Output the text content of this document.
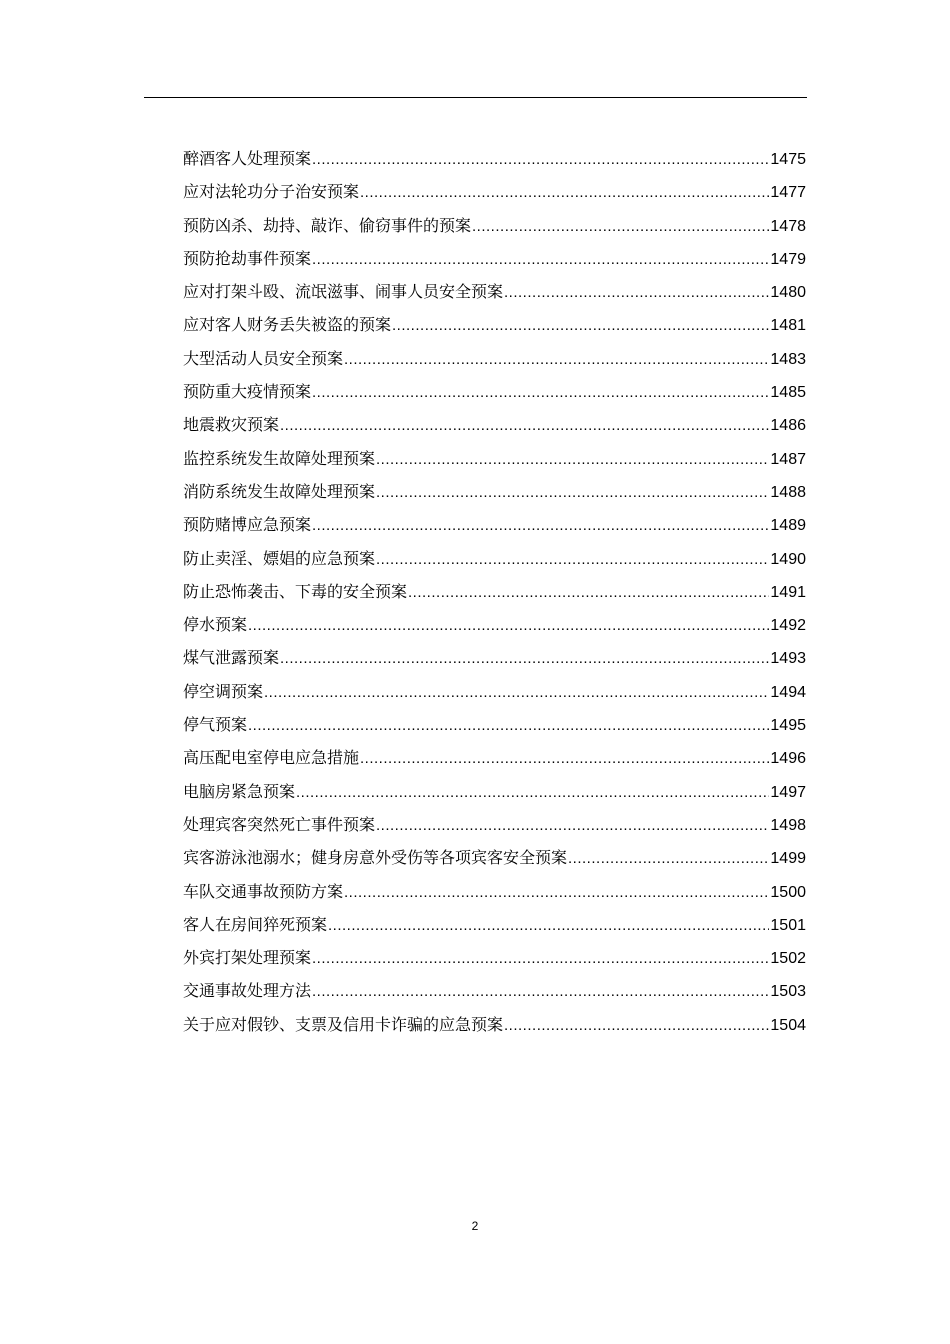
醉酒客人处理预案 .....	1475
应对法轮功分子治安预案 .....	1477
预防凶杀、劫持、敲诈、偷窃事件的预案 .....	1478
预防抢劫事件预案 .....	1479
应对打架斗殴、流氓滋事、闹事人员安全预案 .....	1480
应对客人财务丢失被盗的预案 .....	1481
大型活动人员安全预案 .....	1483
预防重大疫情预案 .....	1485
地震救灾预案 .....	1486
监控系统发生故障处理预案 .....	1487
消防系统发生故障处理预案 .....	1488
预防赌博应急预案 .....	1489
防止卖淫、嫖娼的应急预案 .....	1490
防止恐怖袭击、下毒的安全预案 .....	1491
停水预案 .....	1492
煤气泄露预案 .....	1493
停空调预案 .....	1494
停气预案 .....	1495
高压配电室停电应急措施 .....	1496
电脑房紧急预案 .....	1497
处理宾客突然死亡事件预案 .....	1498
宾客游泳池溺水；健身房意外受伤等各项宾客安全预案 .....	1499
车队交通事故预防方案 .....	1500
客人在房间猝死预案 .....	1501
外宾打架处理预案 .....	1502
交通事故处理方法 .....	1503
关于应对假钞、支票及信用卡诈骗的应急预案 .....	1504
2
